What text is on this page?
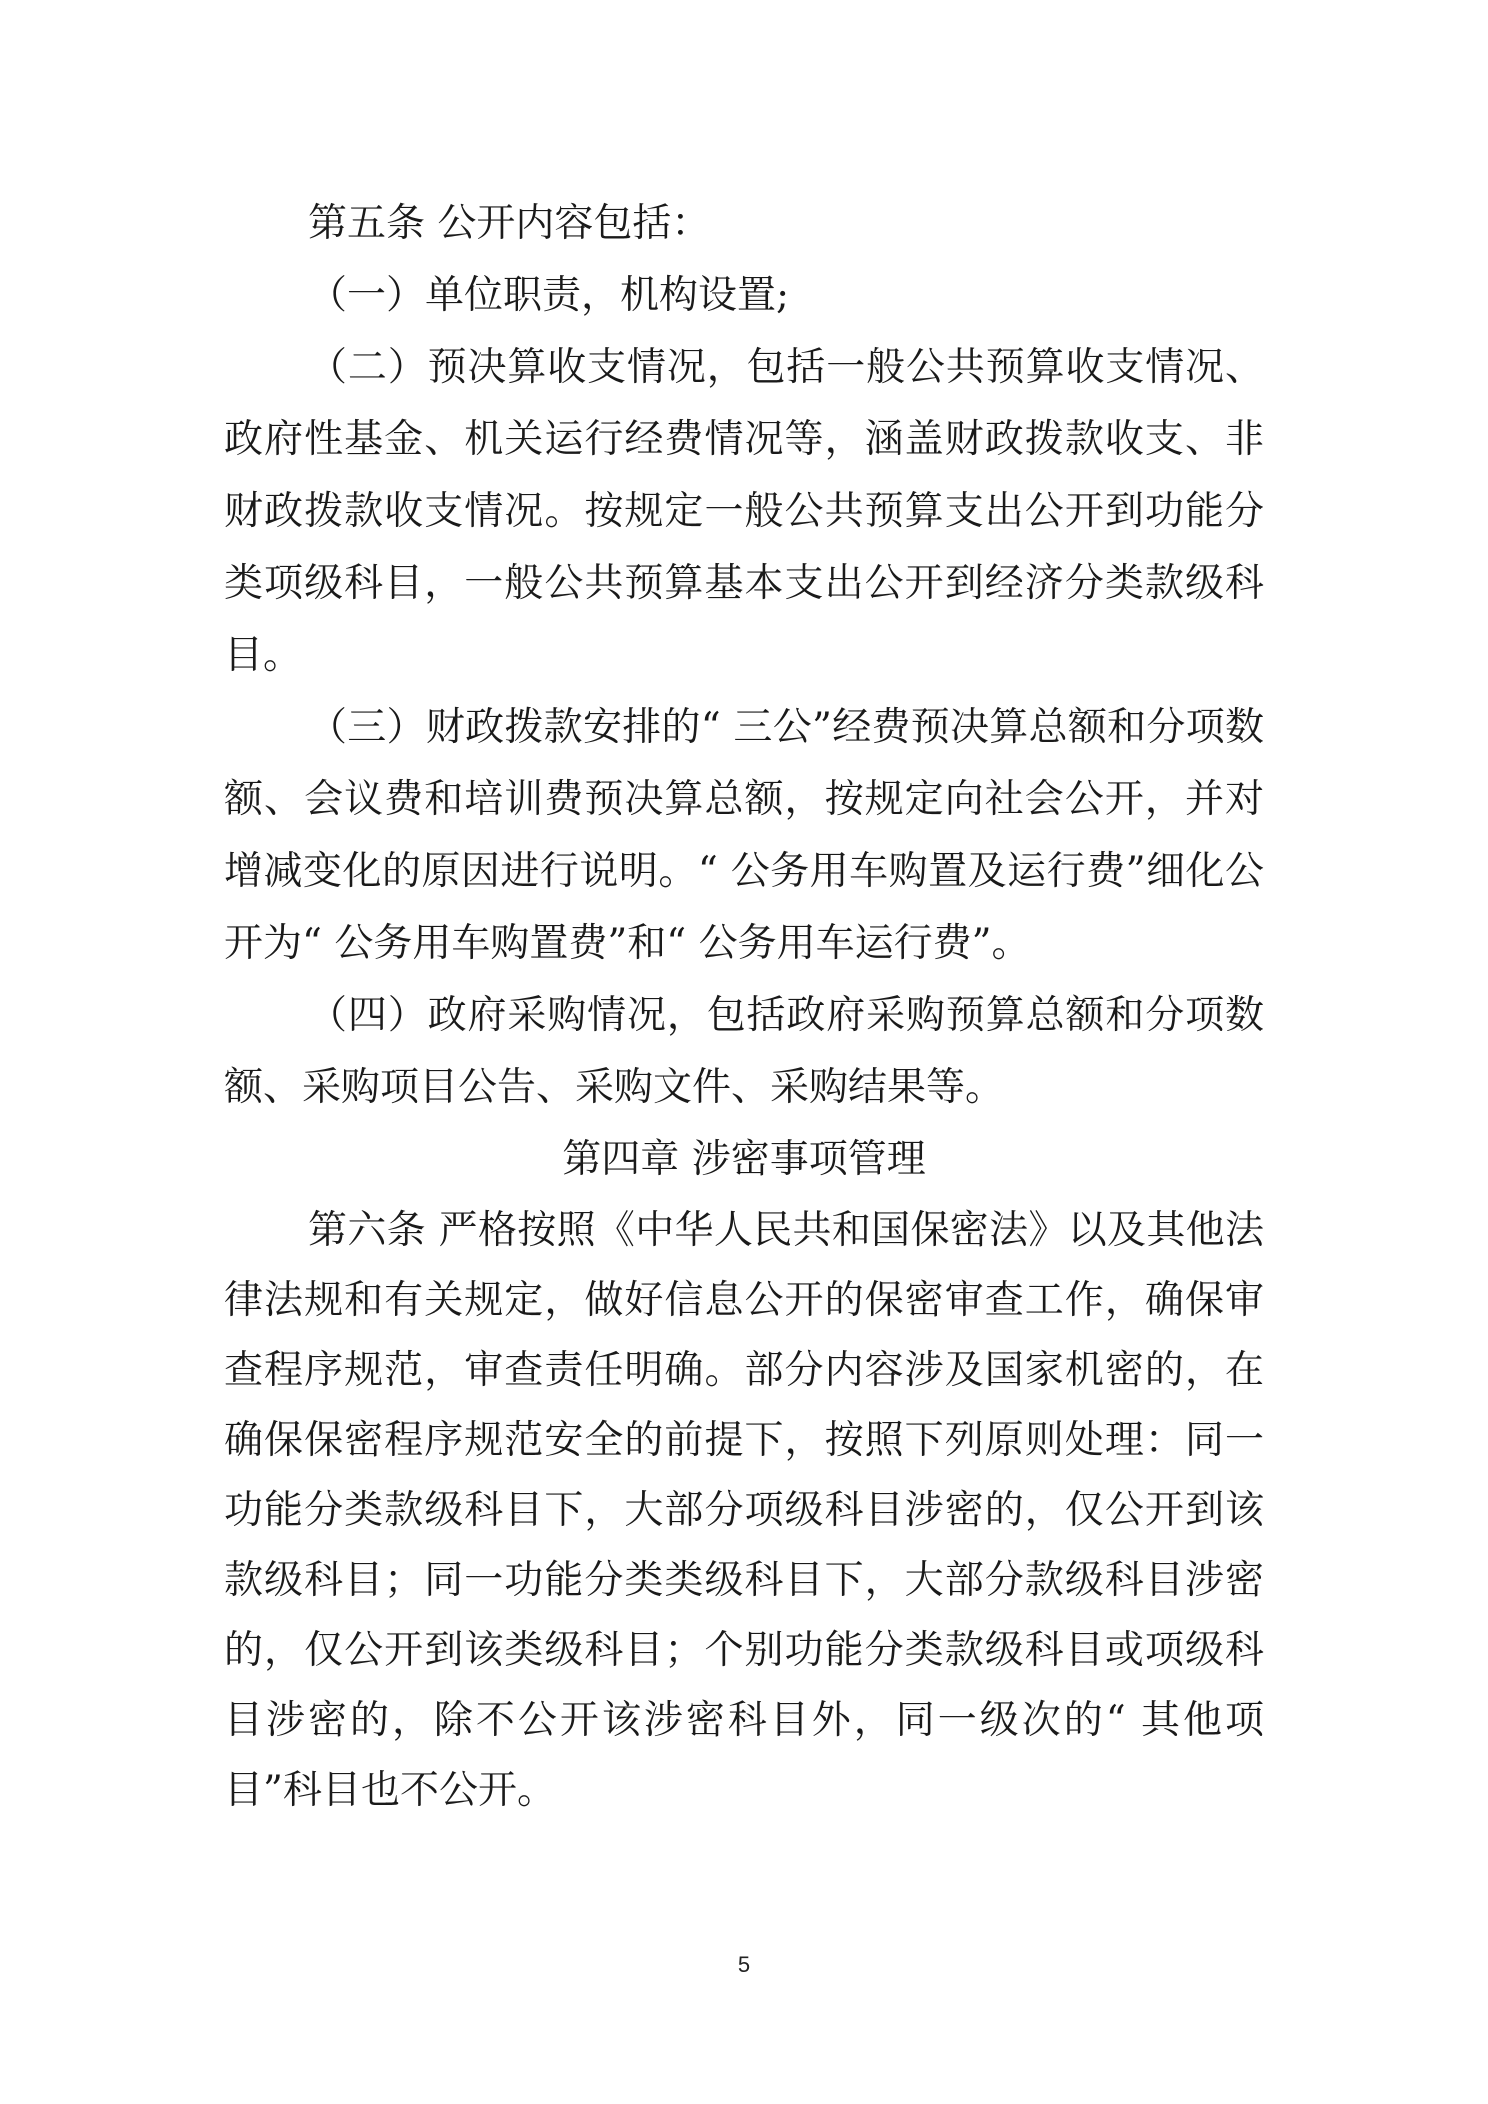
第五条 公开内容包括：

（一）单位职责，机构设置;

（二）预决算收支情况，包括一般公共预算收支情况、政府性基金、机关运行经费情况等，涵盖财政拨款收支、非财政拨款收支情况。按规定一般公共预算支出公开到功能分类项级科目，一般公共预算基本支出公开到经济分类款级科目。

（三）财政拨款安排的“ 三公”经费预决算总额和分项数额、会议费和培训费预决算总额，按规定向社会公开，并对增减变化的原因进行说明。“ 公务用车购置及运行费”细化公开为“ 公务用车购置费”和“ 公务用车运行费”。

（四）政府采购情况，包括政府采购预算总额和分项数额、采购项目公告、采购文件、采购结果等。

第四章 涉密事项管理

第六条 严格按照《中华人民共和国保密法》以及其他法律法规和有关规定，做好信息公开的保密审查工作，确保审查程序规范，审查责任明确。部分内容涉及国家机密的，在确保保密程序规范安全的前提下，按照下列原则处理：同一功能分类款级科目下，大部分项级科目涉密的，仅公开到该款级科目；同一功能分类类级科目下，大部分款级科目涉密的，仅公开到该类级科目；个别功能分类款级科目或项级科目涉密的，除不公开该涉密科目外，同一级次的“ 其他项目”科目也不公开。

5
